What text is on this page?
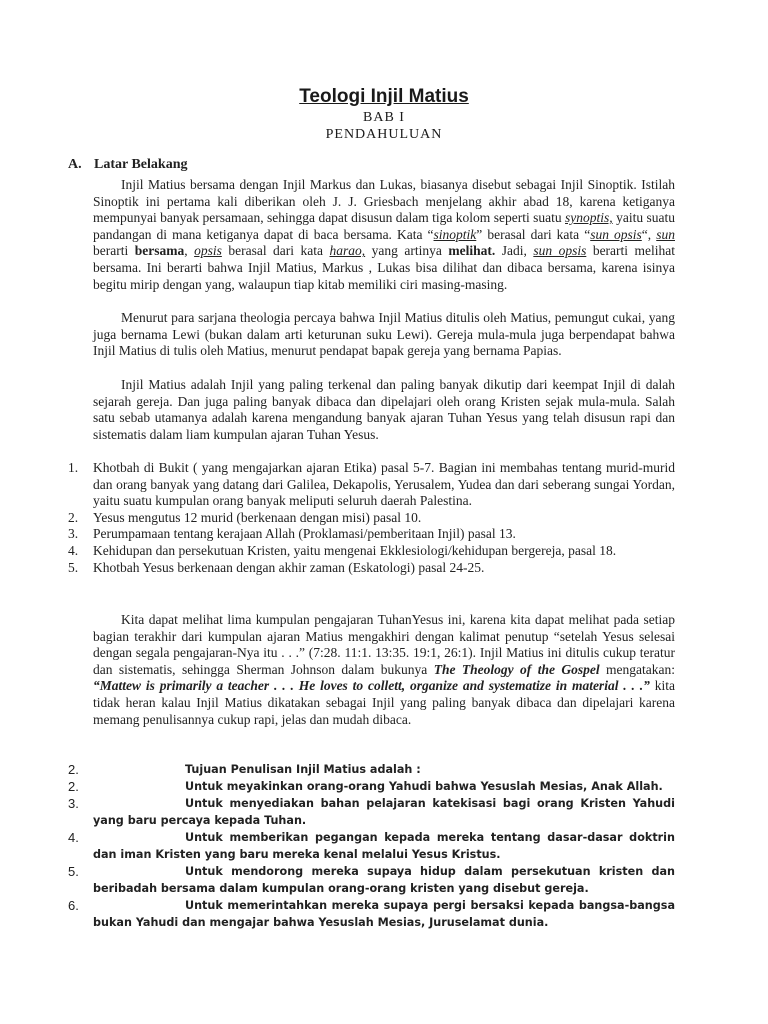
Teologi Injil Matius
BAB I
PENDAHULUAN
A. Latar Belakang

Injil Matius bersama dengan Injil Markus dan Lukas, biasanya disebut sebagai Injil Sinoptik. Istilah Sinoptik ini pertama kali diberikan oleh J. J. Griesbach menjelang akhir abad 18, karena ketiganya mempunyai banyak persamaan, sehingga dapat disusun dalam tiga kolom seperti suatu synoptis, yaitu suatu pandangan di mana ketiganya dapat di baca bersama. Kata “sinoptik” berasal dari kata “sun opsis“, sun berarti bersama, opsis berasal dari kata harao, yang artinya melihat. Jadi, sun opsis berarti melihat bersama. Ini berarti bahwa Injil Matius, Markus , Lukas bisa dilihat dan dibaca bersama, karena isinya begitu mirip dengan yang, walaupun tiap kitab memiliki ciri masing-masing.

Menurut para sarjana theologia percaya bahwa Injil Matius ditulis oleh Matius, pemungut cukai, yang juga bernama Lewi (bukan dalam arti keturunan suku Lewi). Gereja mula-mula juga berpendapat bahwa Injil Matius di tulis oleh Matius, menurut pendapat bapak gereja yang bernama Papias.

Injil Matius adalah Injil yang paling terkenal dan paling banyak dikutip dari keempat Injil di dalah sejarah gereja. Dan juga paling banyak dibaca dan dipelajari oleh orang Kristen sejak mula-mula. Salah satu sebab utamanya adalah karena mengandung banyak ajaran Tuhan Yesus yang telah disusun rapi dan sistematis dalam liam kumpulan ajaran Tuhan Yesus.

1. Khotbah di Bukit ( yang mengajarkan ajaran Etika) pasal 5-7. Bagian ini membahas tentang murid-murid dan orang banyak yang datang dari Galilea, Dekapolis, Yerusalem, Yudea dan dari seberang sungai Yordan, yaitu suatu kumpulan orang banyak meliputi seluruh daerah Palestina.
2. Yesus mengutus 12 murid (berkenaan dengan misi) pasal 10.
3. Perumpamaan tentang kerajaan Allah (Proklamasi/pemberitaan Injil) pasal 13.
4. Kehidupan dan persekutuan Kristen, yaitu mengenai Ekklesiologi/kehidupan bergereja, pasal 18.
5. Khotbah Yesus berkenaan dengan akhir zaman (Eskatologi) pasal 24-25.

Kita dapat melihat lima kumpulan pengajaran TuhanYesus ini, karena kita dapat melihat pada setiap bagian terakhir dari kumpulan ajaran Matius mengakhiri dengan kalimat penutup “setelah Yesus selesai dengan segala pengajaran-Nya itu . . .” (7:28. 11:1. 13:35. 19:1, 26:1). Injil Matius ini ditulis cukup teratur dan sistematis, sehingga Sherman Johnson dalam bukunya The Theology of the Gospel mengatakan: “Mattew is primarily a teacher . . . He loves to collett, organize and systematize in material . . .” kita tidak heran kalau Injil Matius dikatakan sebagai Injil yang paling banyak dibaca dan dipelajari karena memang penulisannya cukup rapi, jelas dan mudah dibaca.

2.	Tujuan Penulisan Injil Matius adalah :
2.	Untuk meyakinkan orang-orang Yahudi bahwa Yesuslah Mesias, Anak Allah.
3.	Untuk menyediakan bahan pelajaran katekisasi bagi orang Kristen Yahudi yang baru percaya kepada Tuhan.
4.	Untuk memberikan pegangan kepada mereka tentang dasar-dasar doktrin dan iman Kristen yang baru mereka kenal melalui Yesus Kristus.
5.	Untuk mendorong mereka supaya hidup dalam persekutuan kristen dan beribadah bersama dalam kumpulan orang-orang kristen yang disebut gereja.
6.	Untuk memerintahkan mereka supaya pergi bersaksi kepada bangsa-bangsa bukan Yahudi dan mengajar bahwa Yesuslah Mesias, Juruselamat dunia.
